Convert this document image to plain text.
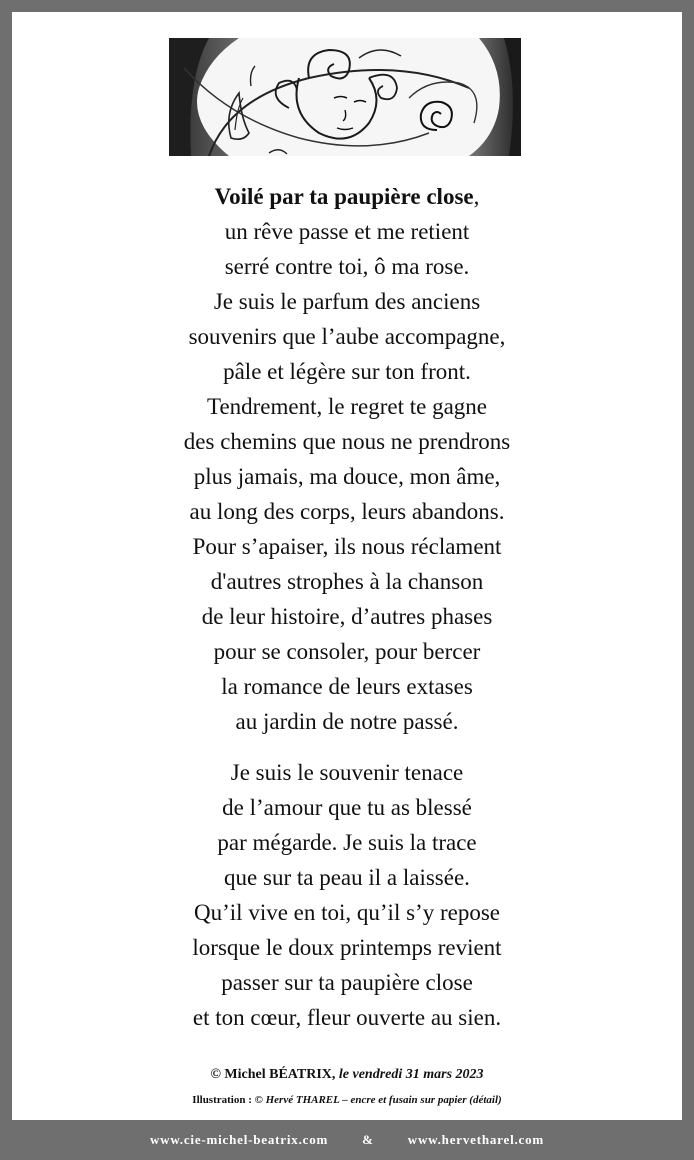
Voilé par ta paupière close,
un rêve passe et me retient
serré contre toi, ô ma rose.
Je suis le parfum des anciens
souvenirs que l’aube accompagne,
pâle et légère sur ton front.
Tendrement, le regret te gagne
des chemins que nous ne prendrons
plus jamais, ma douce, mon âme,
au long des corps, leurs abandons.
Pour s’apaiser, ils nous réclament
d'autres strophes à la chanson
de leur histoire, d’autres phases
pour se consoler, pour bercer
la romance de leurs extases
au jardin de notre passé.
Je suis le souvenir tenace
de l’amour que tu as blessé
par mégarde. Je suis la trace
que sur ta peau il a laissée.
Qu’il vive en toi, qu’il s’y repose
lorsque le doux printemps revient
passer sur ta paupière close
et ton cœur, fleur ouverte au sien.
© Michel BÉATRIX, le vendredi 31 mars 2023
Illustration : © Hervé THAREL – encre et fusain sur papier (détail)
www.cie-michel-beatrix.com	&	www.hervetharel.com
